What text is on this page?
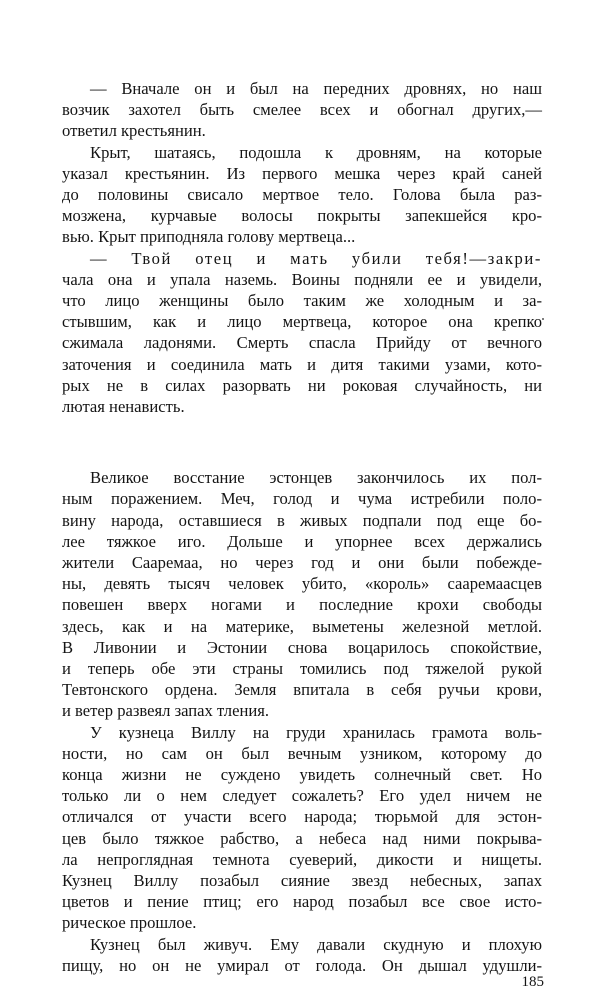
— Вначале он и был на передних дровнях, но наш
возчик захотел быть смелее всех и обогнал других,—
ответил крестьянин.
Крыт, шатаясь, подошла к дровням, на которые
указал крестьянин. Из первого мешка через край саней
до половины свисало мертвое тело. Голова была раз-
мозжена, курчавые волосы покрыты запекшейся кро-
вью. Крыт приподняла голову мертвеца...
— Твой отец и мать убили тебя!—закри-
чала она и упала наземь. Воины подняли ее и увидели,
что лицо женщины было таким же холодным и за-
стывшим, как и лицо мертвеца, которое она крепко
сжимала ладонями. Смерть спасла Прийду от вечного
заточения и соединила мать и дитя такими узами, кото-
рых не в силах разорвать ни роковая случайность, ни
лютая ненависть.
Великое восстание эстонцев закончилось их пол-
ным поражением. Меч, голод и чума истребили поло-
вину народа, оставшиеся в живых подпали под еще бо-
лее тяжкое иго. Дольше и упорнее всех держались
жители Сааремаа, но через год и они были побежде-
ны, девять тысяч человек убито, «король» сааремаасцев
повешен вверх ногами и последние крохи свободы
здесь, как и на материке, выметены железной метлой.
В Ливонии и Эстонии снова воцарилось спокойствие,
и теперь обе эти страны томились под тяжелой рукой
Тевтонского ордена. Земля впитала в себя ручьи крови,
и ветер развеял запах тления.
У кузнеца Виллу на груди хранилась грамота воль-
ности, но сам он был вечным узником, которому до
конца жизни не суждено увидеть солнечный свет. Но
только ли о нем следует сожалеть? Его удел ничем не
отличался от участи всего народа; тюрьмой для эстон-
185
цев было тяжкое рабство, а небеса над ними покрыва-
ла непроглядная темнота суеверий, дикости и нищеты.
Кузнец Виллу позабыл сияние звезд небесных, запах
цветов и пение птиц; его народ позабыл все свое исто-
рическое прошлое.
Кузнец был живуч. Ему давали скудную и плохую
пищу, но он не умирал от голода. Он дышал удушли-
